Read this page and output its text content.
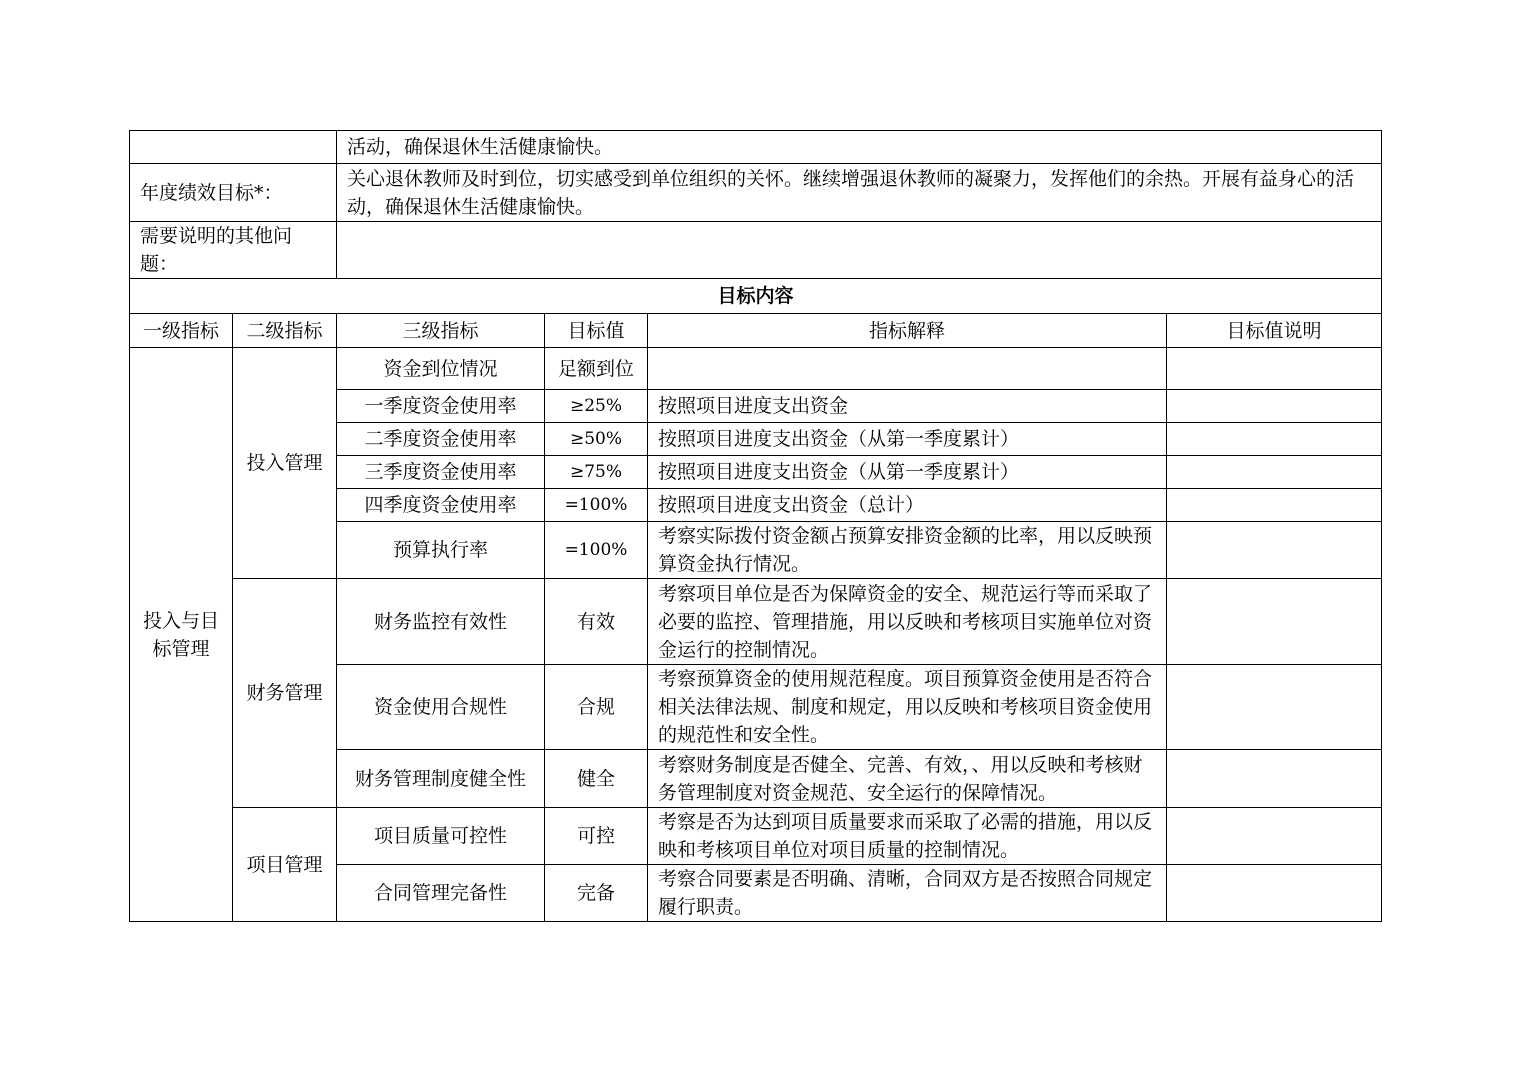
		活动，确保退休生活健康愉快。			
年度绩效目标*：		关心退休教师及时到位，切实感受到单位组织的关怀。继续增强退休教师的凝聚力，发挥他们的余热。开展有益身心的活动，确保退休生活健康愉快。			
需要说明的其他问题：					
目标内容					
一级指标	二级指标	三级指标	目标值	指标解释	目标值说明
投入与目标管理	投入管理	资金到位情况	足额到位		
		一季度资金使用率	≥25%	按照项目进度支出资金	
		二季度资金使用率	≥50%	按照项目进度支出资金（从第一季度累计）	
		三季度资金使用率	≥75%	按照项目进度支出资金（从第一季度累计）	
		四季度资金使用率	=100%	按照项目进度支出资金（总计）	
		预算执行率	=100%	考察实际拨付资金额占预算安排资金额的比率，用以反映预算资金执行情况。	
	财务管理	财务监控有效性	有效	考察项目单位是否为保障资金的安全、规范运行等而采取了必要的监控、管理措施，用以反映和考核项目实施单位对资金运行的控制情况。	
		资金使用合规性	合规	考察预算资金的使用规范程度。项目预算资金使用是否符合相关法律法规、制度和规定，用以反映和考核项目资金使用的规范性和安全性。	
		财务管理制度健全性	健全	考察财务制度是否健全、完善、有效，、用以反映和考核财务管理制度对资金规范、安全运行的保障情况。	
	项目管理	项目质量可控性	可控	考察是否为达到项目质量要求而采取了必需的措施，用以反映和考核项目单位对项目质量的控制情况。	
		合同管理完备性	完备	考察合同要素是否明确、清晰，合同双方是否按照合同规定履行职责。	
